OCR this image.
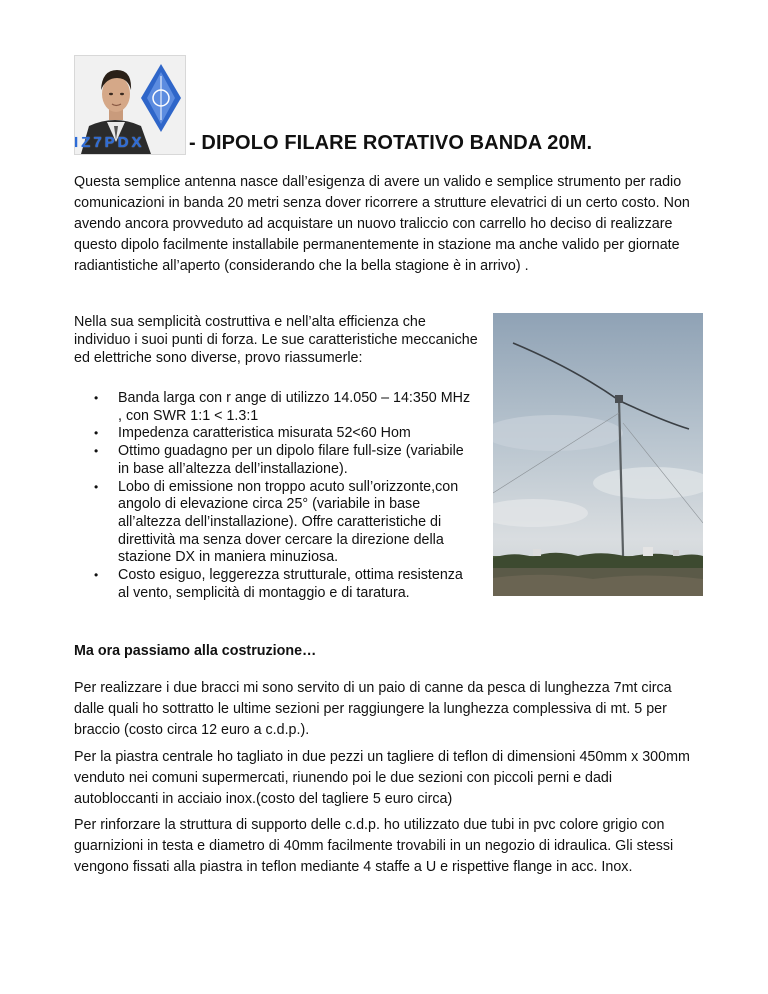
IZ7PDX	- DIPOLO FILARE ROTATIVO BANDA 20M.

Questa semplice antenna nasce dall’esigenza di avere un valido e semplice strumento per radio comunicazioni in banda 20 metri senza dover ricorrere a strutture elevatrici di un certo costo. Non avendo ancora provveduto ad acquistare un nuovo traliccio con carrello ho deciso di realizzare questo dipolo facilmente installabile permanentemente in stazione ma anche valido per giornate radiantistiche all’aperto (considerando che la bella stagione è in arrivo) .

Nella sua semplicità costruttiva e nell’alta efficienza che individuo i suoi punti di forza. Le sue caratteristiche meccaniche ed elettriche sono diverse, provo riassumerle:

• Banda larga con r ange di utilizzo 14.050 – 14:350 MHz , con SWR 1:1 < 1.3:1
• Impedenza caratteristica misurata 52<60 Hom
• Ottimo guadagno per un dipolo filare full-size (variabile in base all’altezza dell’installazione).
• Lobo di emissione non troppo acuto sull’orizzonte,con angolo di elevazione circa 25° (variabile in base all’altezza dell’installazione). Offre caratteristiche di direttività ma senza dover cercare la direzione della stazione DX in maniera minuziosa.
• Costo esiguo, leggerezza strutturale, ottima resistenza al vento, semplicità di montaggio e di taratura.
Ma ora passiamo alla costruzione…

Per realizzare i due bracci mi sono servito di un paio di canne da pesca di lunghezza 7mt circa dalle quali ho sottratto le ultime sezioni per raggiungere la lunghezza complessiva di mt. 5 per braccio (costo circa 12 euro a c.d.p.).

Per la piastra centrale ho tagliato in due pezzi un tagliere di teflon di dimensioni 450mm x 300mm venduto nei comuni supermercati, riunendo poi le due sezioni con piccoli perni e dadi autobloccanti in acciaio inox.(costo del tagliere 5 euro circa)

Per rinforzare la struttura di supporto delle c.d.p. ho utilizzato due tubi in pvc colore grigio con guarnizioni in testa e diametro di 40mm facilmente trovabili in un negozio di idraulica. Gli stessi vengono fissati alla piastra in teflon mediante 4 staffe a U e rispettive flange in acc. Inox.
